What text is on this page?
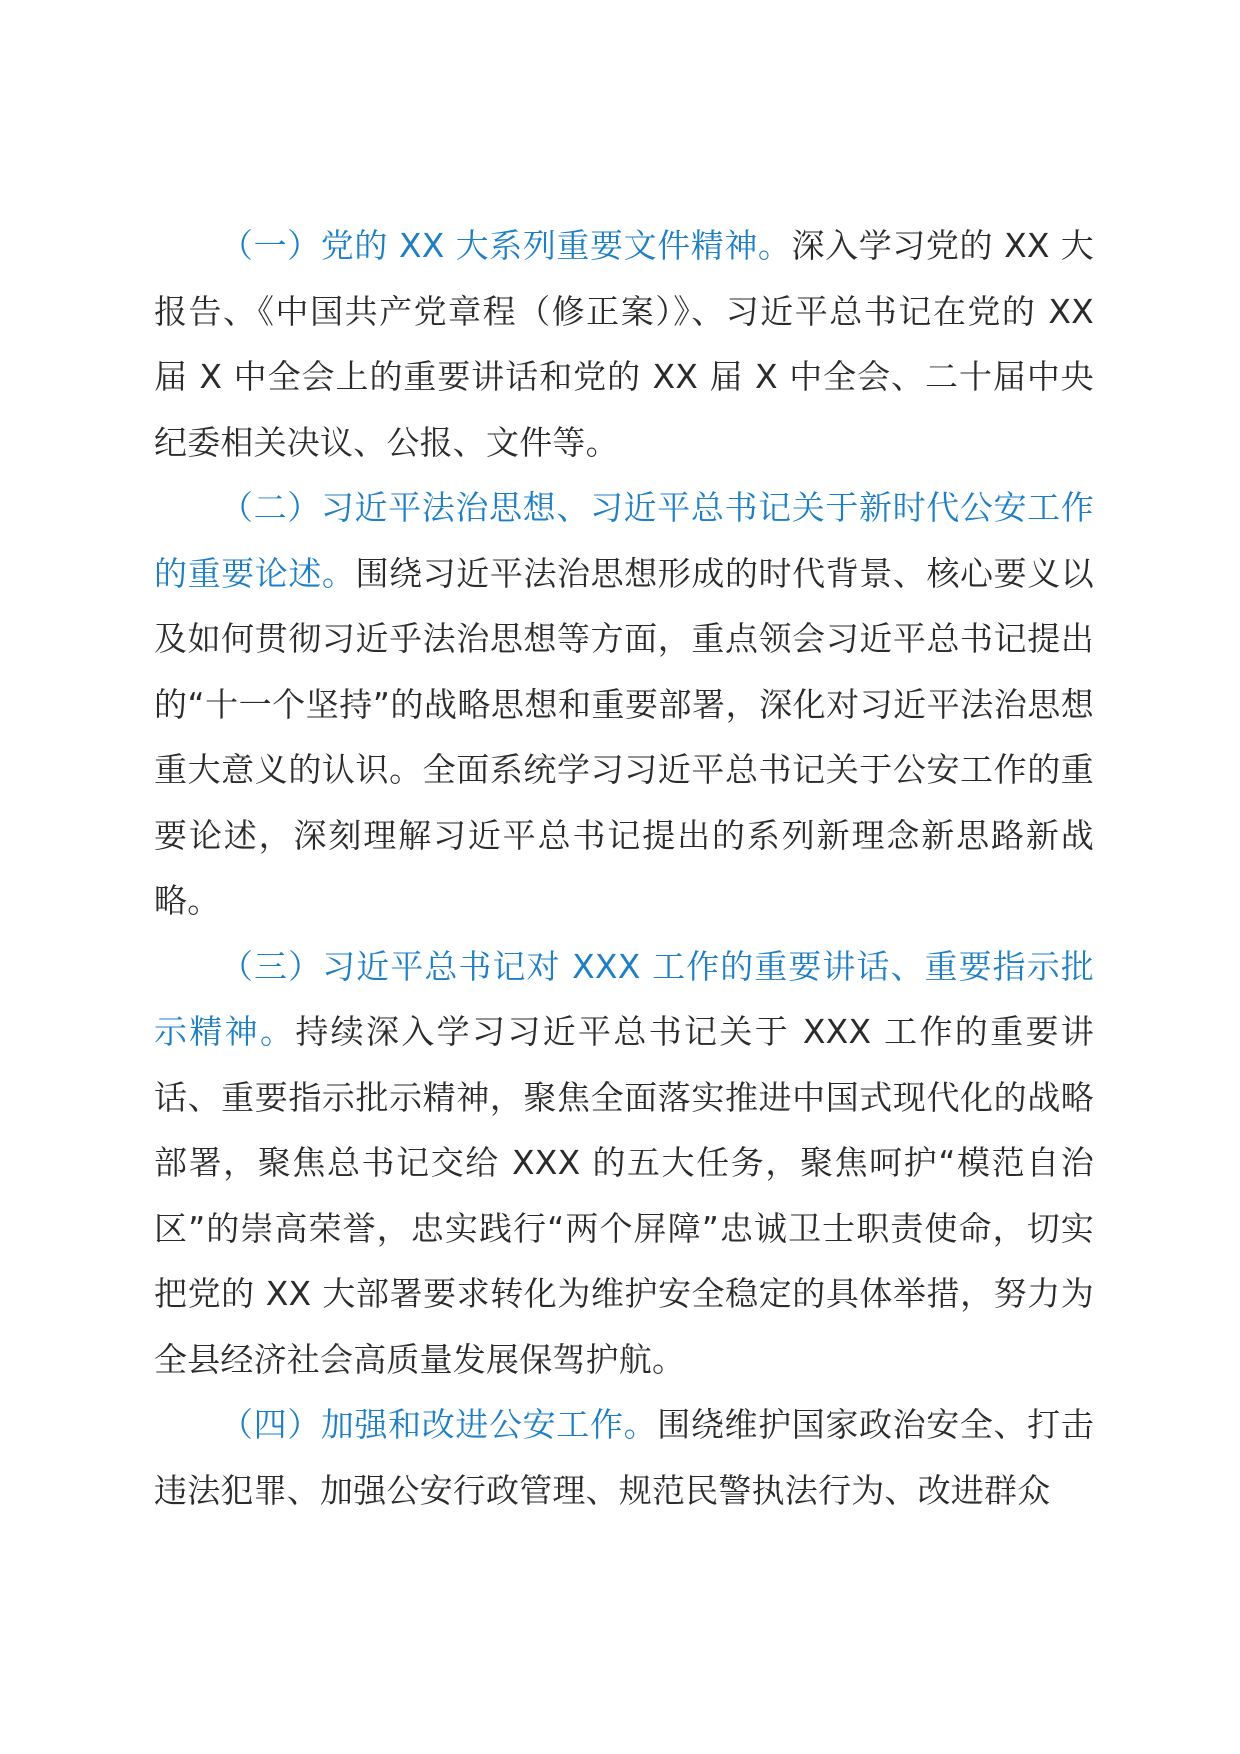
（一）党的 XX 大系列重要文件精神。深入学习党的 XX 大报告、《中国共产党章程（修正案）》、习近平总书记在党的 XX 届 X 中全会上的重要讲话和党的 XX 届 X 中全会、二十届中央纪委相关决议、公报、文件等。

（二）习近平法治思想、习近平总书记关于新时代公安工作的重要论述。围绕习近平法治思想形成的时代背景、核心要义以及如何贯彻习近乎法治思想等方面，重点领会习近平总书记提出的“十一个坚持”的战略思想和重要部署，深化对习近平法治思想重大意义的认识。全面系统学习习近平总书记关于公安工作的重要论述，深刻理解习近平总书记提出的系列新理念新思路新战略。

（三）习近平总书记对 XXX 工作的重要讲话、重要指示批示精神。持续深入学习习近平总书记关于 XXX 工作的重要讲话、重要指示批示精神，聚焦全面落实推进中国式现代化的战略部署，聚焦总书记交给 XXX 的五大任务，聚焦呵护“模范自治区”的崇高荣誉，忠实践行“两个屏障”忠诚卫士职责使命，切实把党的 XX 大部署要求转化为维护安全稳定的具体举措，努力为全县经济社会高质量发展保驾护航。

（四）加强和改进公安工作。围绕维护国家政治安全、打击违法犯罪、加强公安行政管理、规范民警执法行为、改进群众
